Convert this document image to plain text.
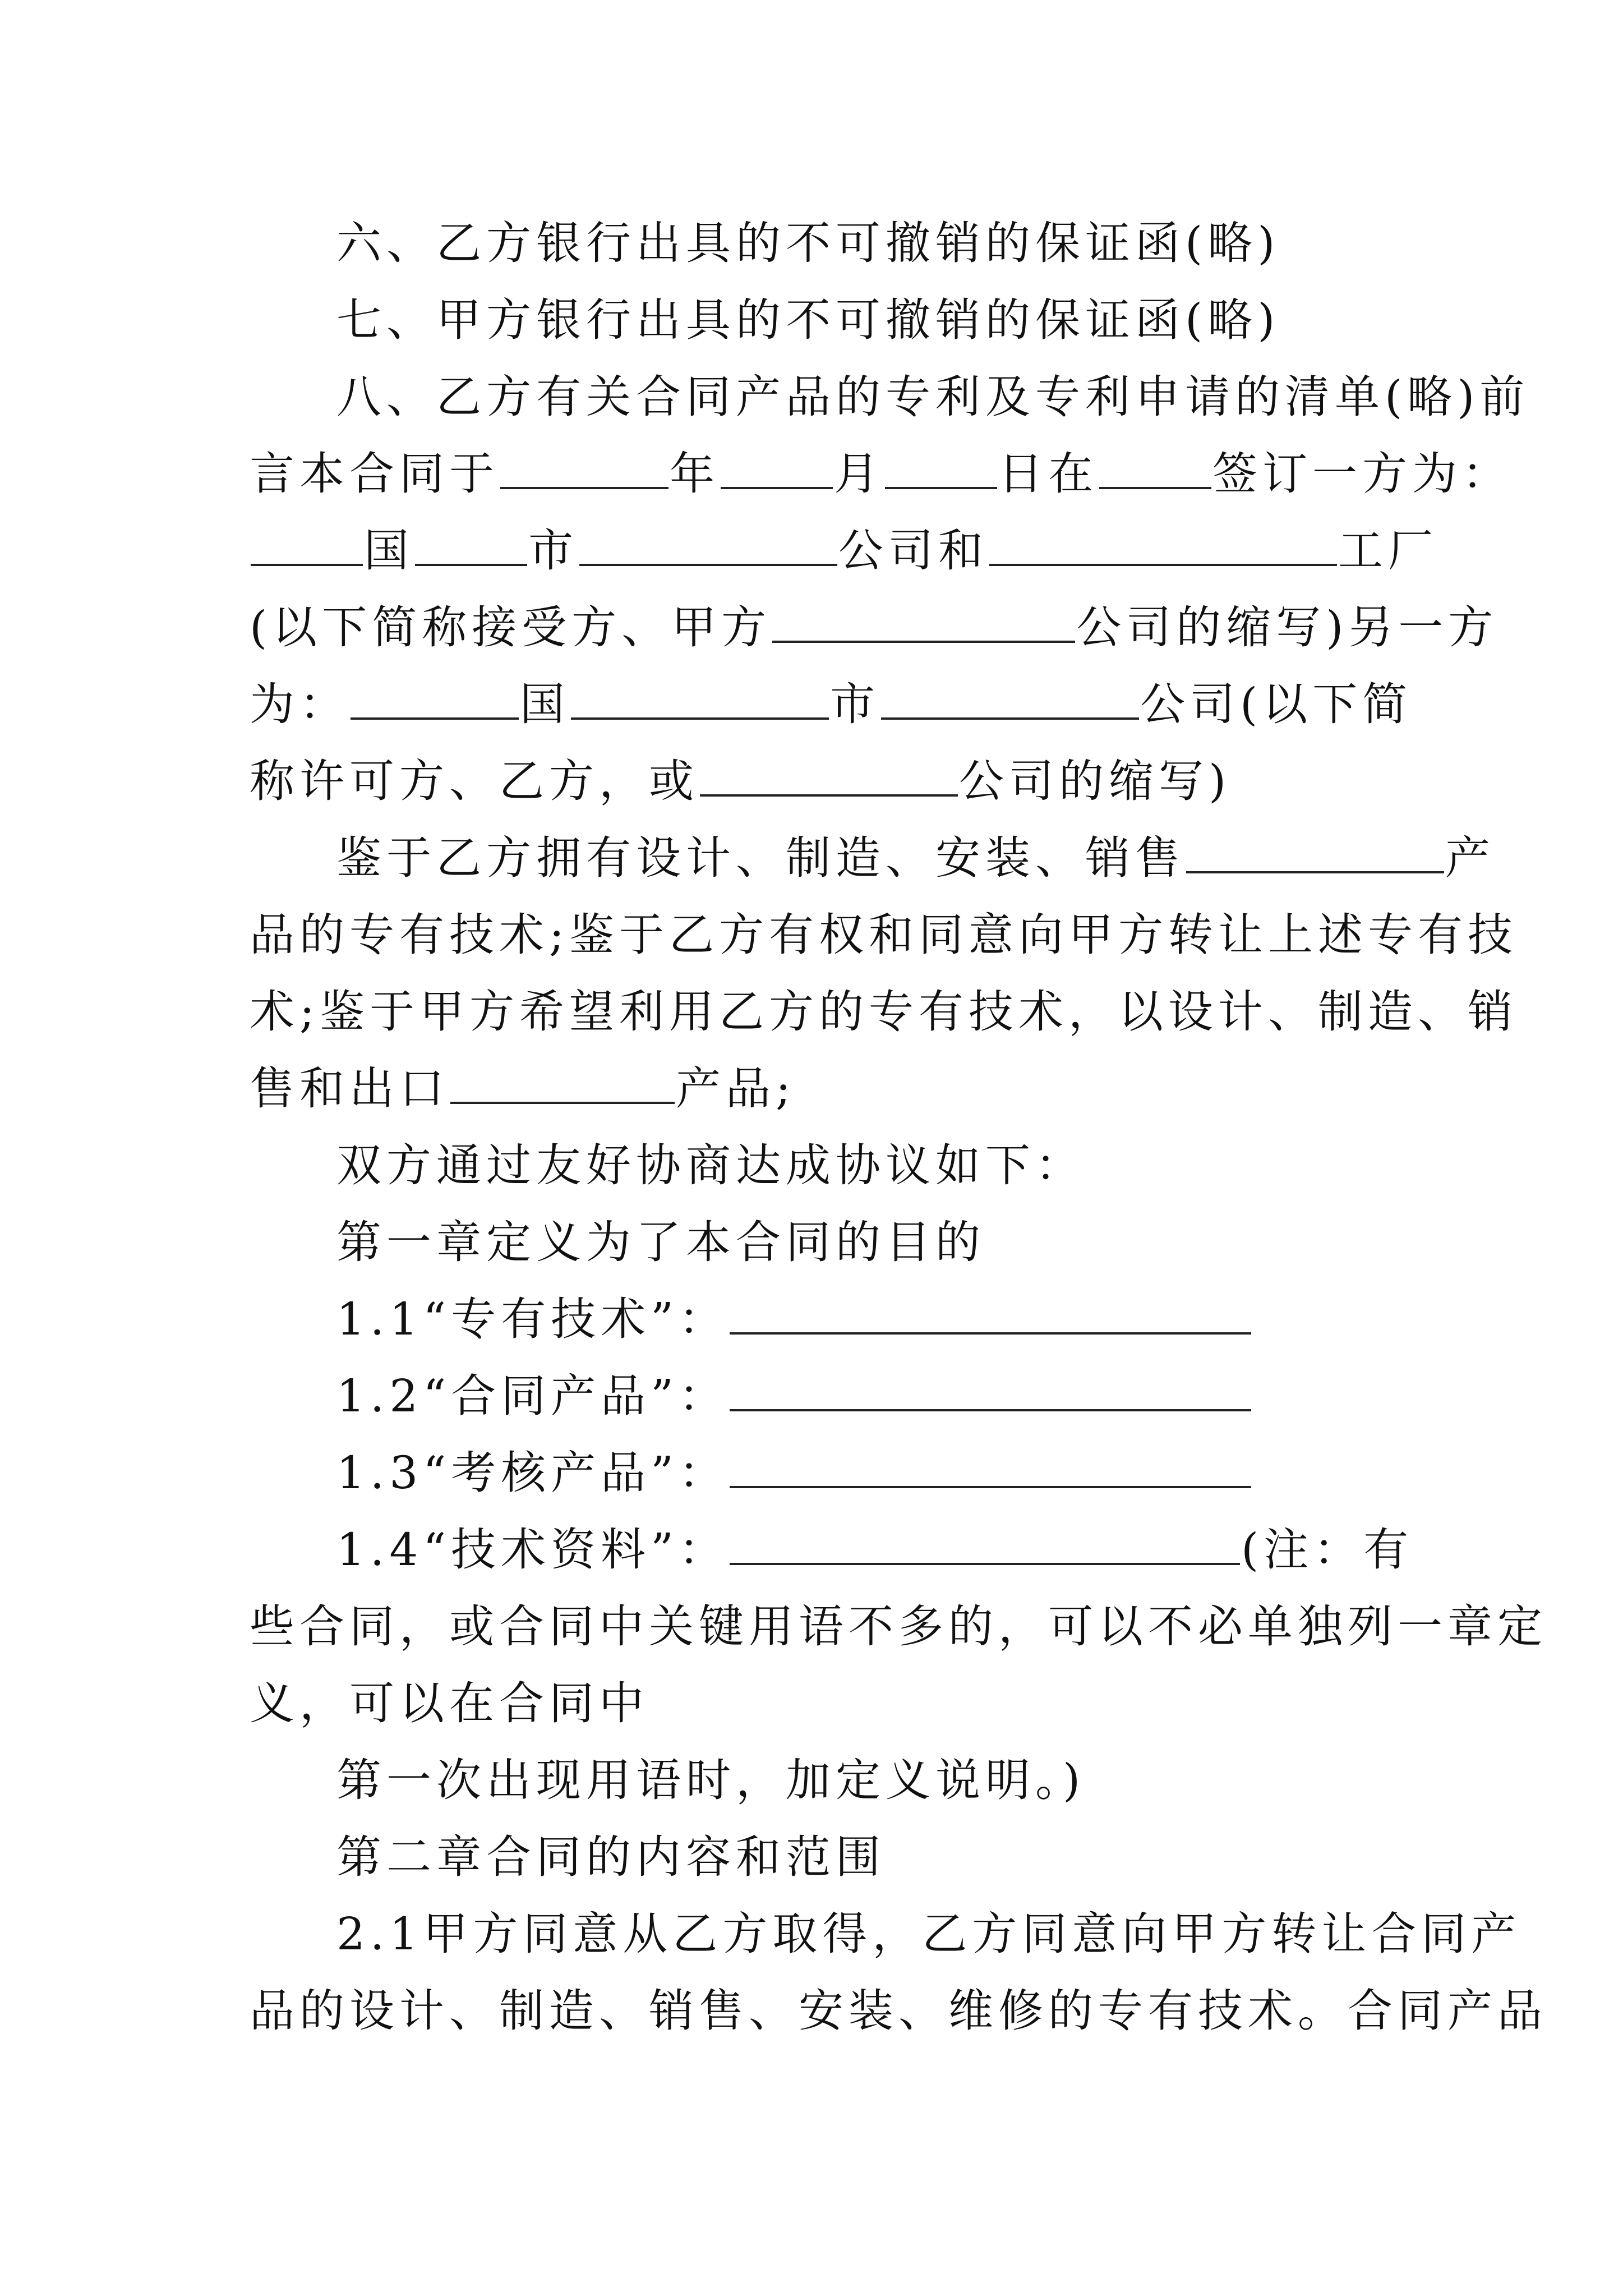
六、乙方银行出具的不可撤销的保证函(略)
七、甲方银行出具的不可撤销的保证函(略)
八、乙方有关合同产品的专利及专利申请的清单(略)前
言本合同于	年	月	日在	签订一方为：
国	市	公司和	工厂
(以下简称接受方、甲方	公司的缩写)另一方
为：	国	市	公司(以下简
称许可方、乙方，或	公司的缩写)
鉴于乙方拥有设计、制造、安装、销售	产
品的专有技术;鉴于乙方有权和同意向甲方转让上述专有技
术;鉴于甲方希望利用乙方的专有技术，以设计、制造、销
售和出口	产品;
双方通过友好协商达成协议如下：
第一章定义为了本合同的目的
1.1“专有技术”：
1.2“合同产品”：
1.3“考核产品”：
1.4“技术资料”：	(注：有
些合同，或合同中关键用语不多的，可以不必单独列一章定
义，可以在合同中
第一次出现用语时，加定义说明。)
第二章合同的内容和范围
2.1甲方同意从乙方取得，乙方同意向甲方转让合同产
品的设计、制造、销售、安装、维修的专有技术。合同产品
